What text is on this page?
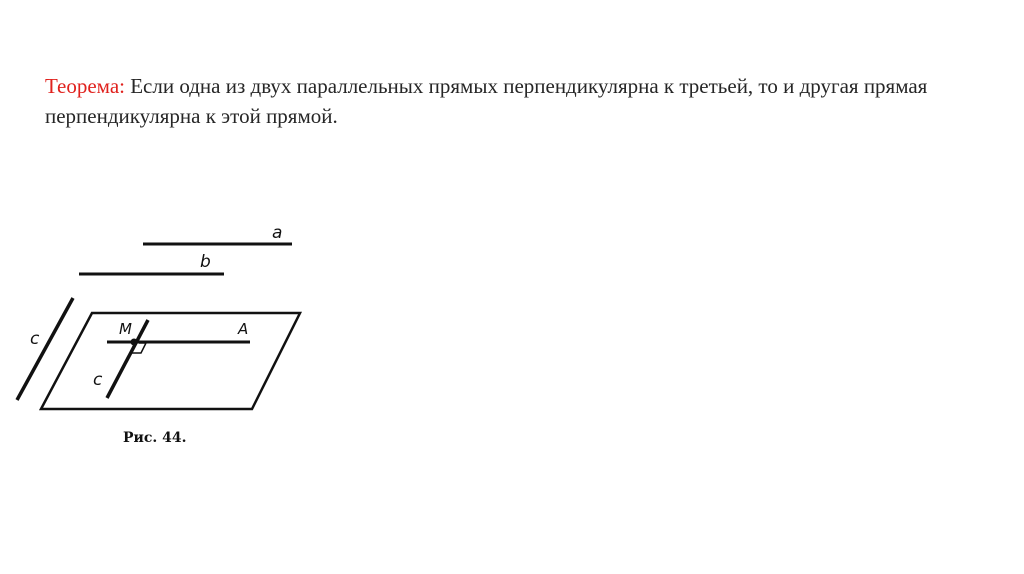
Теорема: Если одна из двух параллельных прямых перпендикулярна к третьей, то и другая прямая перпендикулярна к этой прямой.

a
b
c	M	A
c
Рис. 44.
